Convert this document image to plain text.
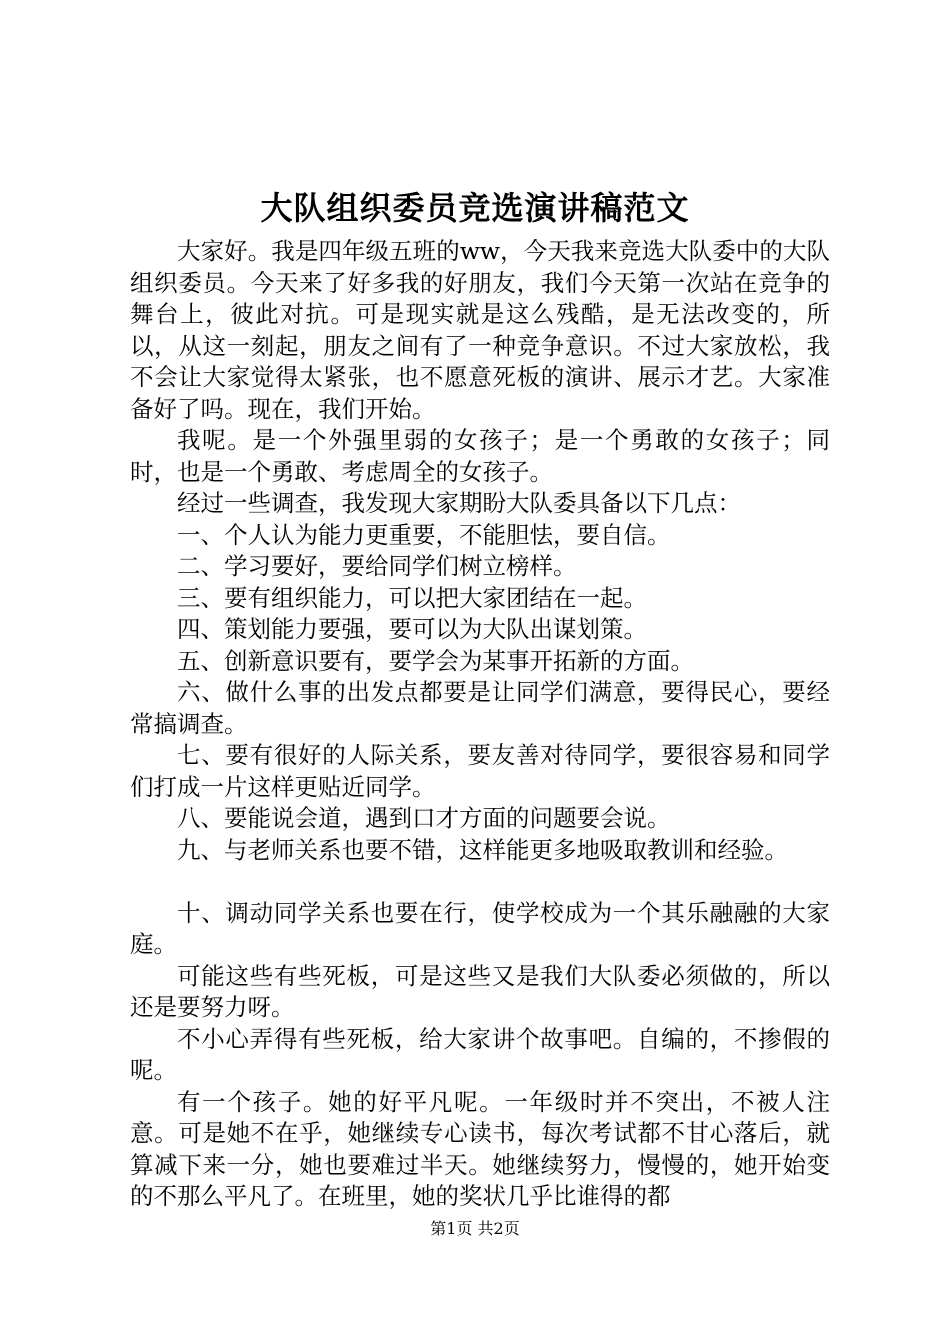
大队组织委员竞选演讲稿范文

大家好。我是四年级五班的ww，今天我来竞选大队委中的大队组织委员。今天来了好多我的好朋友，我们今天第一次站在竞争的舞台上，彼此对抗。可是现实就是这么残酷，是无法改变的，所以，从这一刻起，朋友之间有了一种竞争意识。不过大家放松，我不会让大家觉得太紧张，也不愿意死板的演讲、展示才艺。大家准备好了吗。现在，我们开始。

我呢。是一个外强里弱的女孩子；是一个勇敢的女孩子；同时，也是一个勇敢、考虑周全的女孩子。

经过一些调查，我发现大家期盼大队委具备以下几点：

一、个人认为能力更重要，不能胆怯，要自信。

二、学习要好，要给同学们树立榜样。

三、要有组织能力，可以把大家团结在一起。

四、策划能力要强，要可以为大队出谋划策。

五、创新意识要有，要学会为某事开拓新的方面。

六、做什么事的出发点都要是让同学们满意，要得民心，要经常搞调查。

七、要有很好的人际关系，要友善对待同学，要很容易和同学们打成一片这样更贴近同学。

八、要能说会道，遇到口才方面的问题要会说。

九、与老师关系也要不错，这样能更多地吸取教训和经验。

十、调动同学关系也要在行，使学校成为一个其乐融融的大家庭。

可能这些有些死板，可是这些又是我们大队委必须做的，所以还是要努力呀。

不小心弄得有些死板，给大家讲个故事吧。自编的，不掺假的呢。

有一个孩子。她的好平凡呢。一年级时并不突出，不被人注意。可是她不在乎，她继续专心读书，每次考试都不甘心落后，就算减下来一分，她也要难过半天。她继续努力，慢慢的，她开始变的不那么平凡了。在班里，她的奖状几乎比谁得的都

第1页 共2页
